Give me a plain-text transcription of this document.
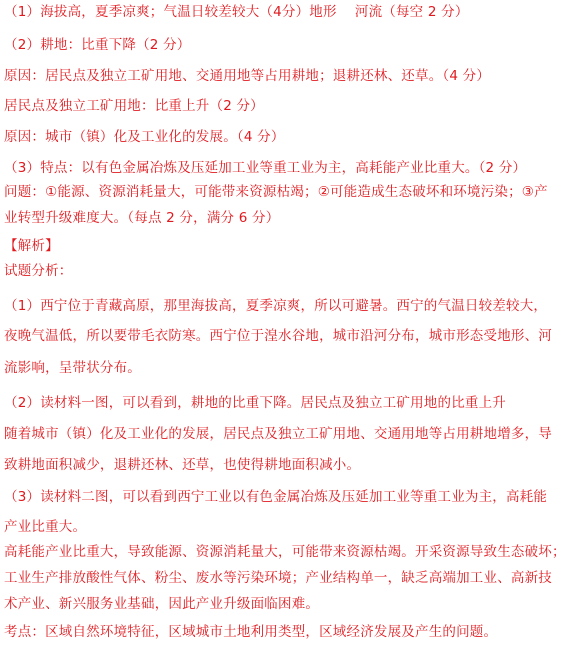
（1）海拔高，夏季凉爽；气温日较差较大（4分）地形　 河流（每空 2 分）
（2）耕地：比重下降（2 分）
原因：居民点及独立工矿用地、交通用地等占用耕地；退耕还林、还草。（4 分）
居民点及独立工矿用地：比重上升（2 分）
原因：城市（镇）化及工业化的发展。（4 分）
（3）特点：以有色金属冶炼及压延加工业等重工业为主，高耗能产业比重大。（2 分）
问题：①能源、资源消耗量大，可能带来资源枯竭；②可能造成生态破坏和环境污染；③产
业转型升级难度大。（每点 2 分，满分 6 分）
【解析】
试题分析：
（1）西宁位于青藏高原，那里海拔高，夏季凉爽，所以可避暑。西宁的气温日较差较大，
夜晚气温低，所以要带毛衣防寒。西宁位于湟水谷地，城市沿河分布，城市形态受地形、河
流影响，呈带状分布。
（2）读材料一图，可以看到，耕地的比重下降。居民点及独立工矿用地的比重上升
随着城市（镇）化及工业化的发展，居民点及独立工矿用地、交通用地等占用耕地增多，导
致耕地面积减少，退耕还林、还草，也使得耕地面积减小。
（3）读材料二图，可以看到西宁工业以有色金属冶炼及压延加工业等重工业为主，高耗能
产业比重大。
高耗能产业比重大，导致能源、资源消耗量大，可能带来资源枯竭。开采资源导致生态破坏；
工业生产排放酸性气体、粉尘、废水等污染环境；产业结构单一，缺乏高端加工业、高新技
术产业、新兴服务业基础，因此产业升级面临困难。
考点：区域自然环境特征，区域城市土地利用类型，区域经济发展及产生的问题。
